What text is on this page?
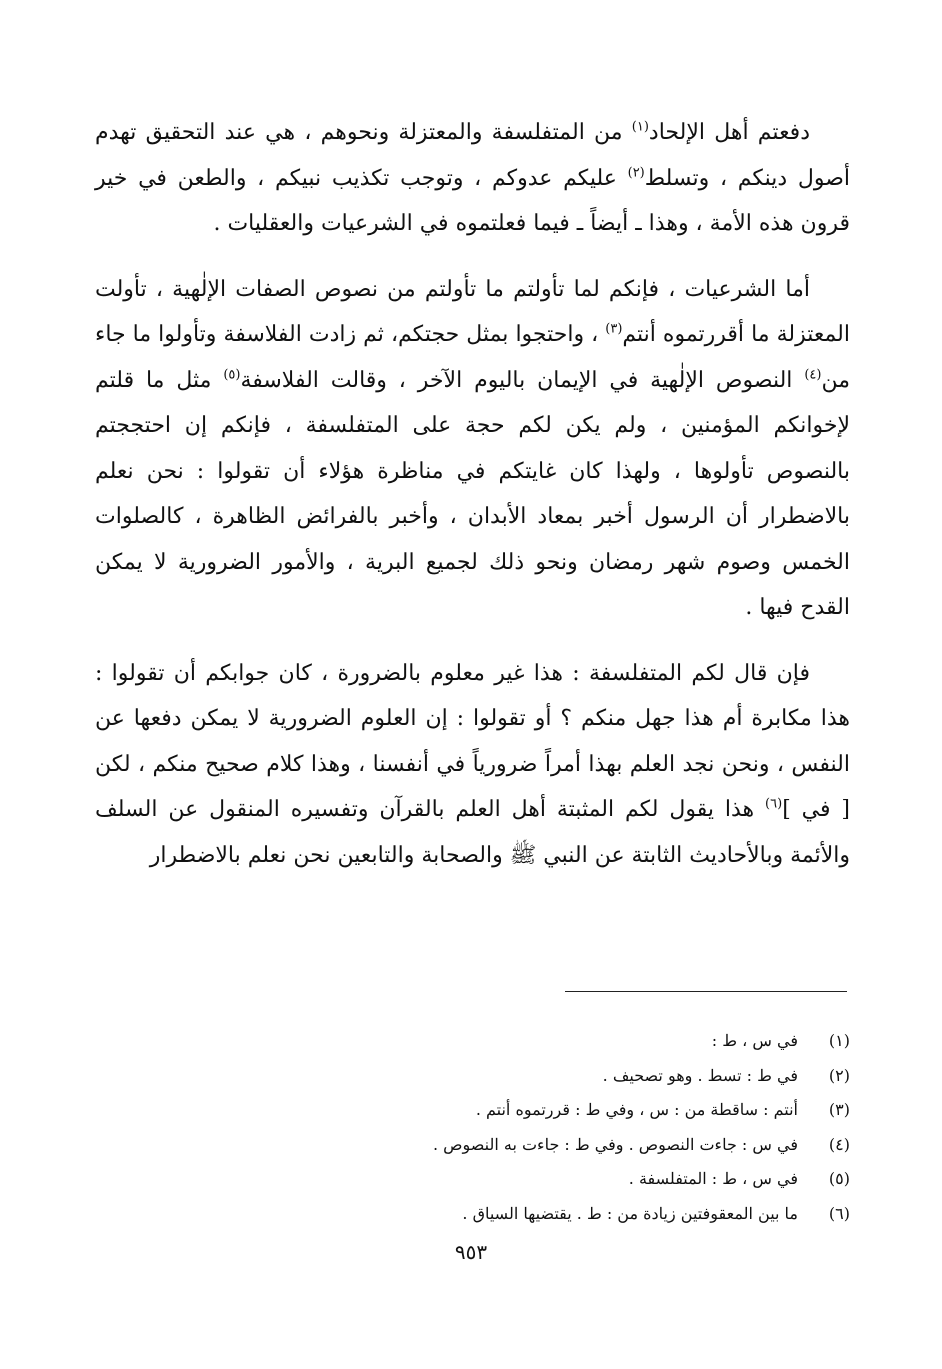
دفعتم أهل الإلحاد$^{(١)}$ من المتفلسفة والمعتزلة ونحوهم ، هي عند التحقيق تهدم أصول دينكم ، وتسلط$^{(٢)}$ عليكم عدوكم ، وتوجب تكذيب نبيكم ، والطعن في خير قرون هذه الأمة ، وهذا ـ أيضاً ـ فيما فعلتموه في الشرعيات والعقليات .

أما الشرعيات ، فإنكم لما تأولتم ما تأولتم من نصوص الصفات الإلٰهية ، تأولت المعتزلة ما أقررتموه أنتم$^{(٣)}$ ، واحتجوا بمثل حجتكم، ثم زادت الفلاسفة وتأولوا ما جاء من$^{(٤)}$ النصوص الإلٰهية في الإيمان باليوم الآخر ، وقالت الفلاسفة$^{(٥)}$ مثل ما قلتم لإخوانكم المؤمنين ، ولم يكن لكم حجة على المتفلسفة ، فإنكم إن احتججتم بالنصوص تأولوها ، ولهذا كان غايتكم في مناظرة هؤلاء أن تقولوا : نحن نعلم بالاضطرار أن الرسول أخبر بمعاد الأبدان ، وأخبر بالفرائض الظاهرة ، كالصلوات الخمس وصوم شهر رمضان ونحو ذلك لجميع البرية ، والأمور الضرورية لا يمكن القدح فيها .

فإن قال لكم المتفلسفة : هذا غير معلوم بالضرورة ، كان جوابكم أن تقولوا : هذا مكابرة أم هذا جهل منكم ؟ أو تقولوا : إن العلوم الضرورية لا يمكن دفعها عن النفس ، ونحن نجد العلم بهذا أمراً ضرورياً في أنفسنا ، وهذا كلام صحيح منكم ، لكن [ في ]$^{(٦)}$ هذا يقول لكم المثبتة أهل العلم بالقرآن وتفسيره المنقول عن السلف والأئمة وبالأحاديث الثابتة عن النبي ﷺ والصحابة والتابعين نحن نعلم بالاضطرار

(١)في س ، ط :
(٢)في ط : تسط . وهو تصحيف .
(٣)أنتم : ساقطة من : س ، وفي ط : قررتموه أنتم .
(٤)في س : جاءت النصوص . وفي ط : جاءت به النصوص .
(٥)في س ، ط : المتفلسفة .
(٦)ما بين المعقوفتين زيادة من : ط . يقتضيها السياق .
٩٥٣
